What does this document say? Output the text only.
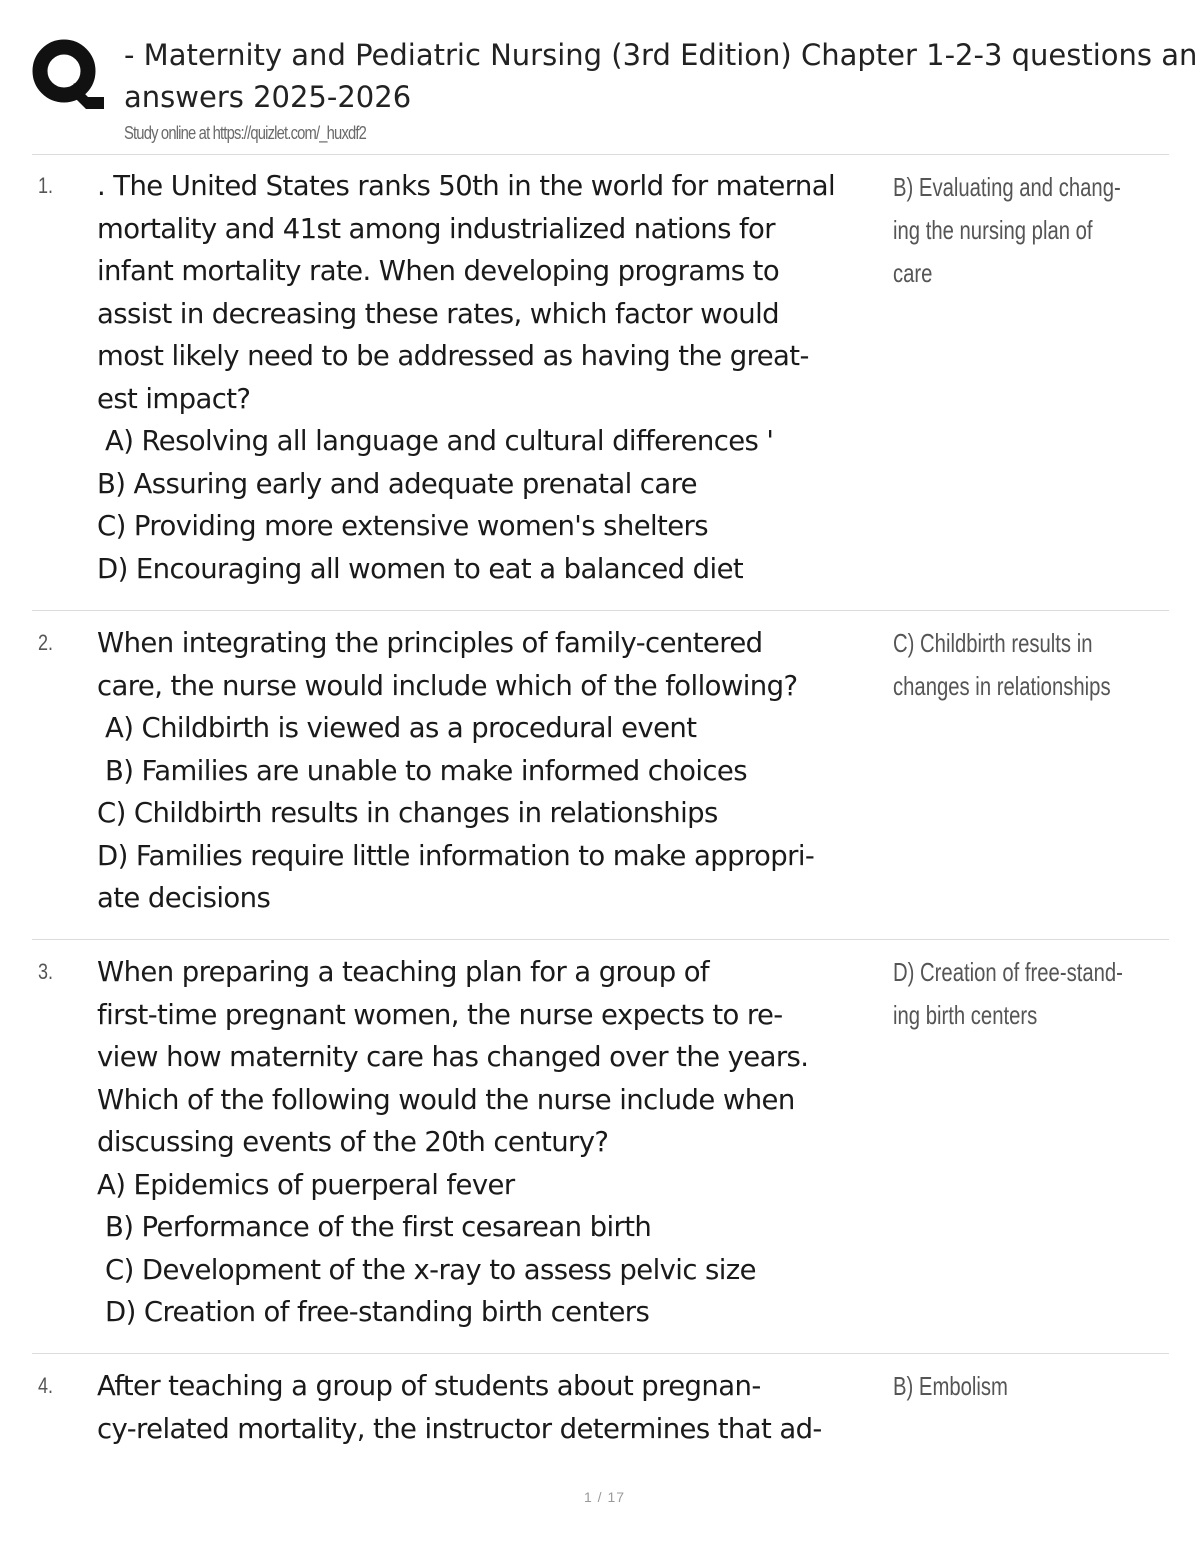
- Maternity and Pediatric Nursing (3rd Edition) Chapter 1-2-3 questions an
answers 2025-2026
Study online at https://quizlet.com/_huxdf2
1. . The United States ranks 50th in the world for maternal
mortality and 41st among industrialized nations for
infant mortality rate. When developing programs to
assist in decreasing these rates, which factor would
most likely need to be addressed as having the great-
est impact?
A) Resolving all language and cultural differences '
B) Assuring early and adequate prenatal care
C) Providing more extensive women's shelters
D) Encouraging all women to eat a balanced diet
B) Evaluating and chang-
ing the nursing plan of
care
2. When integrating the principles of family-centered
care, the nurse would include which of the following?
A) Childbirth is viewed as a procedural event
B) Families are unable to make informed choices
C) Childbirth results in changes in relationships
D) Families require little information to make appropri-
ate decisions
C) Childbirth results in
changes in relationships
3. When preparing a teaching plan for a group of
first-time pregnant women, the nurse expects to re-
view how maternity care has changed over the years.
Which of the following would the nurse include when
discussing events of the 20th century?
A) Epidemics of puerperal fever
B) Performance of the first cesarean birth
C) Development of the x-ray to assess pelvic size
D) Creation of free-standing birth centers
D) Creation of free-stand-
ing birth centers
4. After teaching a group of students about pregnan-
cy-related mortality, the instructor determines that ad-
B) Embolism
1 / 17
